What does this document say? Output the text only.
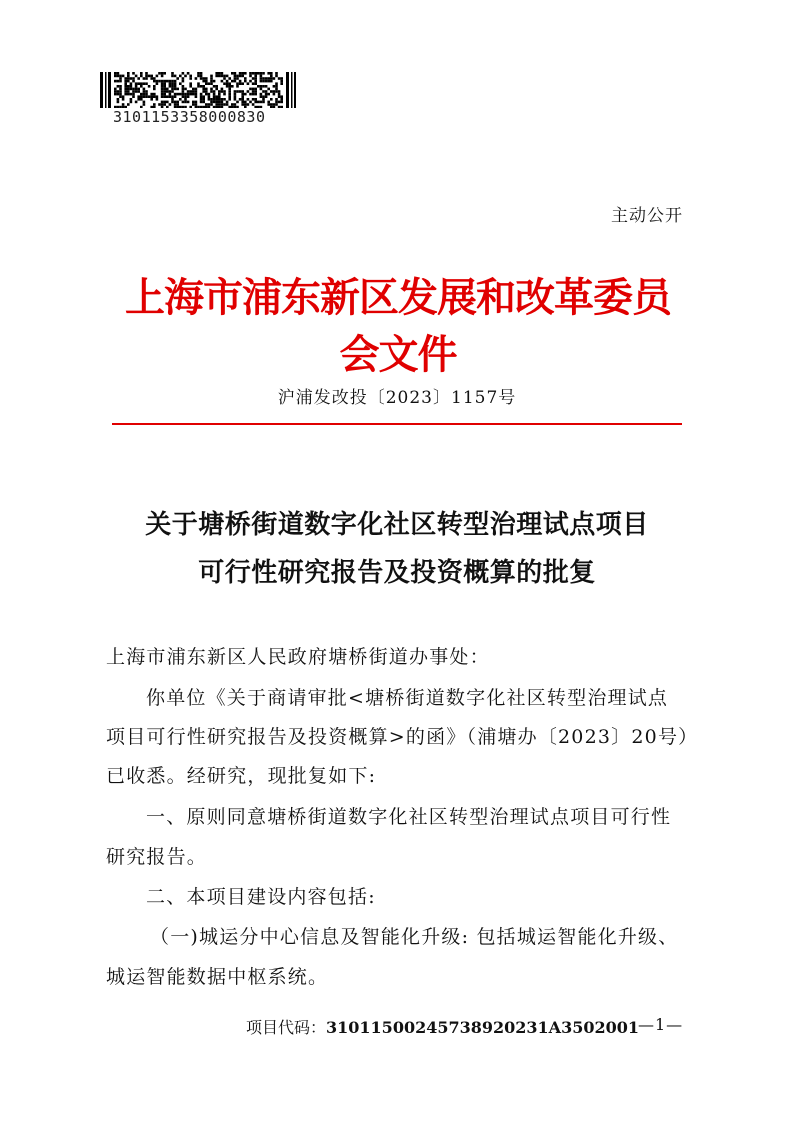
3101153358000830
主动公开
上海市浦东新区发展和改革委员会文件
沪浦发改投〔2023〕1157号
关于塘桥街道数字化社区转型治理试点项目
可行性研究报告及投资概算的批复
上海市浦东新区人民政府塘桥街道办事处：
你单位《关于商请审批<塘桥街道数字化社区转型治理试点
项目可行性研究报告及投资概算>的函》（浦塘办〔2023〕20号）
已收悉。经研究，现批复如下:
一、原则同意塘桥街道数字化社区转型治理试点项目可行性
研究报告。
二、本项目建设内容包括:
（一)城运分中心信息及智能化升级: 包括城运智能化升级、
城运智能数据中枢系统。
项目代码：31011500245738920231A3502001
—1—
